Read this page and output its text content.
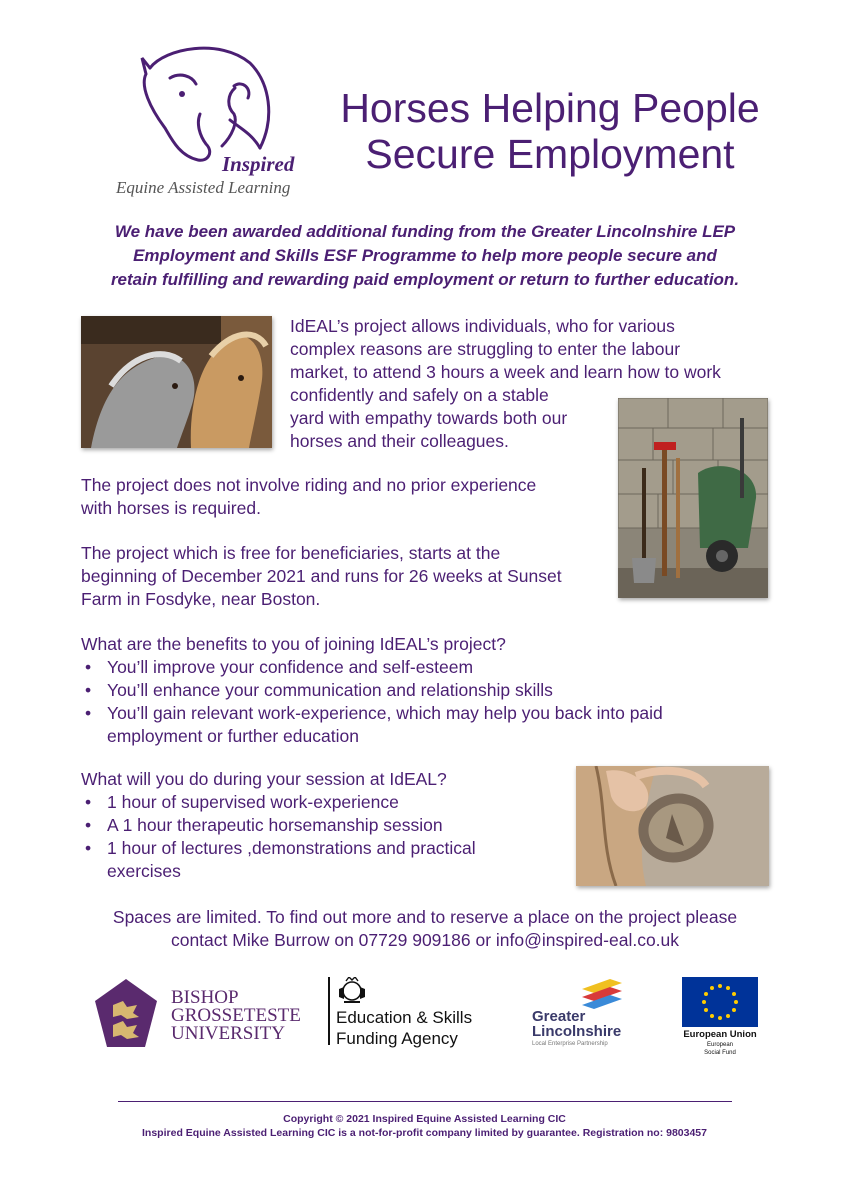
Inspired
Equine Assisted Learning
Horses Helping People
Secure Employment
We have been awarded additional funding from the Greater Lincolnshire LEP
Employment and Skills ESF Programme to help more people secure and
retain fulfilling and rewarding paid employment or return to further education.
IdEAL’s project allows individuals, who for various
complex reasons are struggling to enter the labour
market, to attend 3 hours a week and learn how to work
confidently and safely on a stable
yard with empathy towards both our
horses and their colleagues.
The project does not involve riding and no prior experience
with horses is required.
The project which is free for beneficiaries, starts at the
beginning of December 2021 and runs for 26 weeks at Sunset
Farm in Fosdyke, near Boston.
What are the benefits to you of joining IdEAL’s project?
• You’ll improve your confidence and self-esteem
• You’ll enhance your communication and relationship skills
• You’ll gain relevant work-experience, which may help you back into paid employment or further education
What will you do during your session at IdEAL?
• 1 hour of supervised work-experience
• A 1 hour therapeutic horsemanship session
• 1 hour of lectures ,demonstrations and practical exercises
Spaces are limited. To find out more and to reserve a place on the project please
contact Mike Burrow on 07729 909186 or info@inspired-eal.co.uk
BISHOP
GROSSETESTE
UNIVERSITY
Education & Skills
Funding Agency
Greater
Lincolnshire
Local Enterprise Partnership
European Union
European
Social Fund
Copyright © 2021 Inspired Equine Assisted Learning CIC
Inspired Equine Assisted Learning CIC is a not-for-profit company limited by guarantee. Registration no: 9803457
